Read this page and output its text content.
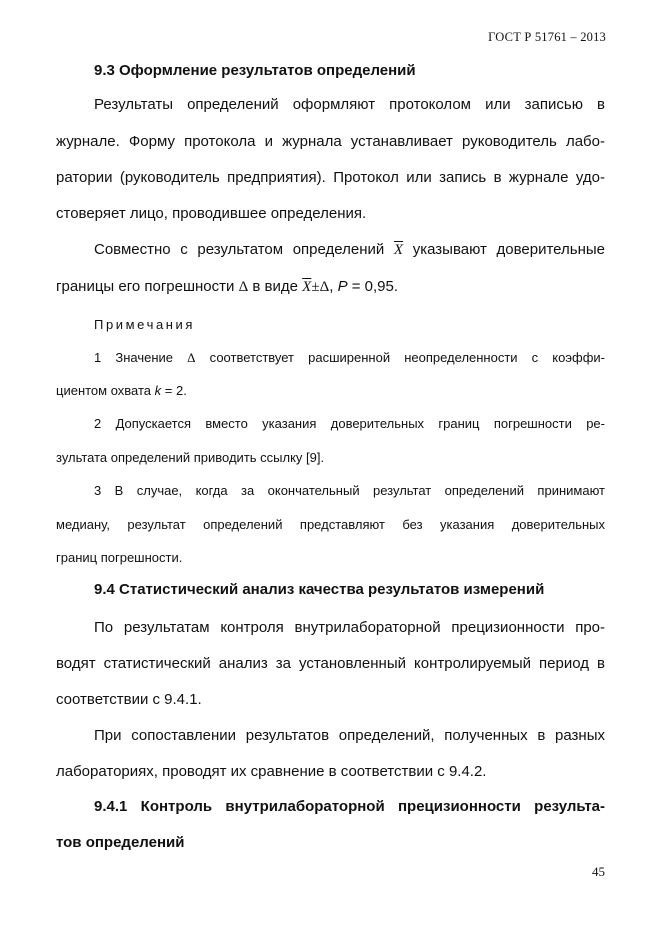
ГОСТ Р 51761 – 2013
9.3 Оформление результатов определений
Результаты определений оформляют протоколом или записью в
журнале. Форму протокола и журнала устанавливает руководитель лабо-
ратории (руководитель предприятия). Протокол или запись в журнале удо-
стоверяет лицо, проводившее определения.
Совместно с результатом определений $\overline{X}$ указывают доверительные
границы его погрешности Δ в виде $\overline{X}\pm\Delta$, P = 0,95.
Примечания
1 Значение Δ соответствует расширенной неопределенности с коэффи-
циентом охвата k = 2.
2 Допускается вместо указания доверительных границ погрешности ре-
зультата определений приводить ссылку [9].
3 В случае, когда за окончательный результат определений принимают
медиану, результат определений представляют без указания доверительных
границ погрешности.
9.4 Статистический анализ качества результатов измерений
По результатам контроля внутрилабораторной прецизионности про-
водят статистический анализ за установленный контролируемый период в
соответствии с 9.4.1.
При сопоставлении результатов определений, полученных в разных
лабораториях, проводят их сравнение в соответствии с 9.4.2.
9.4.1 Контроль внутрилабораторной прецизионности результа-
тов определений
45
